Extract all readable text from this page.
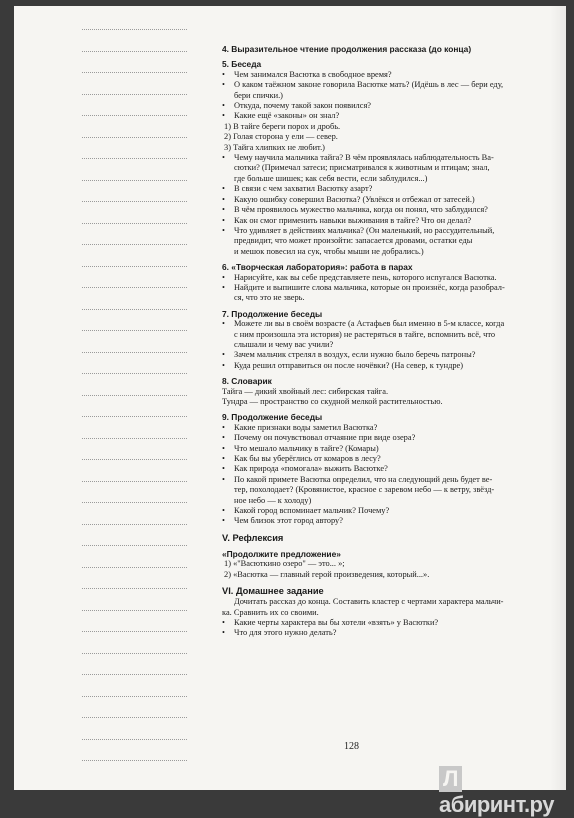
4. Выразительное чтение продолжения рассказа (до конца)
5. Беседа
• Чем занимался Васютка в свободное время?
• О каком таёжном законе говорила Васютке мать? (Идёшь в лес — бери еду,
бери спички.)
• Откуда, почему такой закон появился?
• Какие ещё «законы» он знал?
1) В тайге береги порох и дробь.
2) Голая сторона у ели — север.
3) Тайга хлипких не любит.)
• Чему научила мальчика тайга? В чём проявлялась наблюдательность Ва-
сютки? (Примечал затеси; присматривался к животным и птицам; знал,
где больше шишек; как себя вести, если заблудился...)
• В связи с чем захватил Васютку азарт?
• Какую ошибку совершил Васютка? (Увлёкся и отбежал от затесей.)
• В чём проявилось мужество мальчика, когда он понял, что заблудился?
• Как он смог применить навыки выживания в тайге? Что он делал?
• Что удивляет в действиях мальчика? (Он маленький, но рассудительный,
предвидит, что может произойти: запасается дровами, остатки еды
и мешок повесил на сук, чтобы мыши не добрались.)
6. «Творческая лаборатория»: работа в парах
• Нарисуйте, как вы себе представляете пень, которого испугался Васютка.
• Найдите и выпишите слова мальчика, которые он произнёс, когда разобрал-
ся, что это не зверь.
7. Продолжение беседы
• Можете ли вы в своём возрасте (а Астафьев был именно в 5-м классе, когда
с ним произошла эта история) не растеряться в тайге, вспомнить всё, что
слышали и чему вас учили?
• Зачем мальчик стрелял в воздух, если нужно было беречь патроны?
• Куда решил отправиться он после ночёвки? (На север, к тундре)
8. Словарик
Тайга — дикий хвойный лес: сибирская тайга.
Тундра — пространство со скудной мелкой растительностью.
9. Продолжение беседы
• Какие признаки воды заметил Васютка?
• Почему он почувствовал отчаяние при виде озера?
• Что мешало мальчику в тайге? (Комары)
• Как бы вы уберёглись от комаров в лесу?
• Как природа «помогала» выжить Васютке?
• По какой примете Васютка определил, что на следующий день будет ве-
тер, похолодает? (Кровянистое, красное с заревом небо — к ветру, звёзд-
ное небо — к холоду)
• Какой город вспоминает мальчик? Почему?
• Чем близок этот город автору?
V. Рефлексия
«Продолжите предложение»
1) «"Васюткино озеро" — это... »;
2) «Васютка — главный герой произведения, который...».
VI. Домашнее задание
Дочитать рассказ до конца. Составить кластер с чертами характера мальчи-
ка. Сравнить их со своими.
• Какие черты характера вы бы хотели «взять» у Васютки?
• Что для этого нужно делать?
128
Лабиринт.ру
